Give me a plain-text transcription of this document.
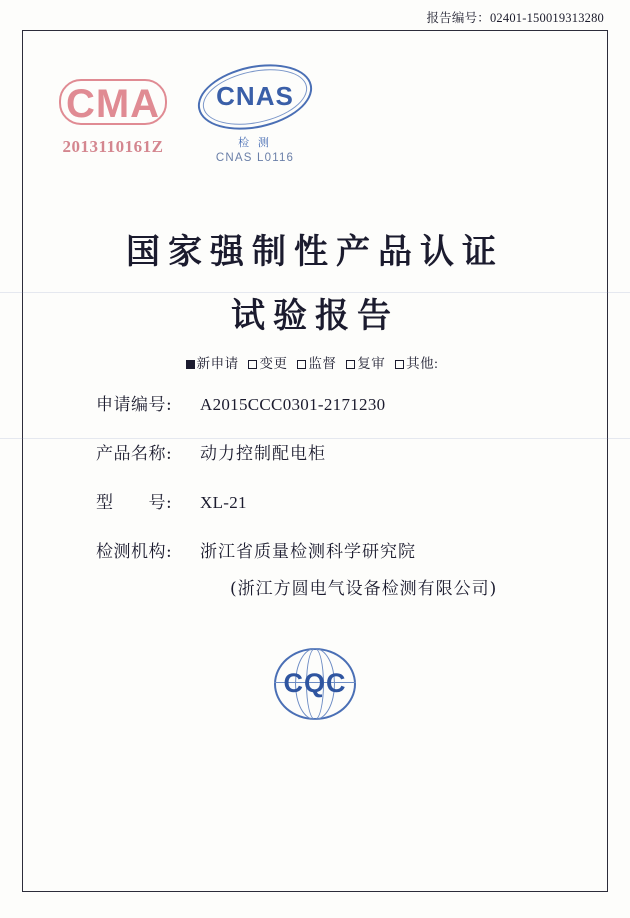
报告编号：02401-150019313280
CMA
2013110161Z
CNAS
检 测
CNAS L0116
国家强制性产品认证
试验报告
新申请 变更 监督 复审 其他:
申请编号:	A2015CCC0301-2171230
产品名称:	动力控制配电柜
型　　号:	XL-21
检测机构:	浙江省质量检测科学研究院
(浙江方圆电气设备检测有限公司)
CQC
